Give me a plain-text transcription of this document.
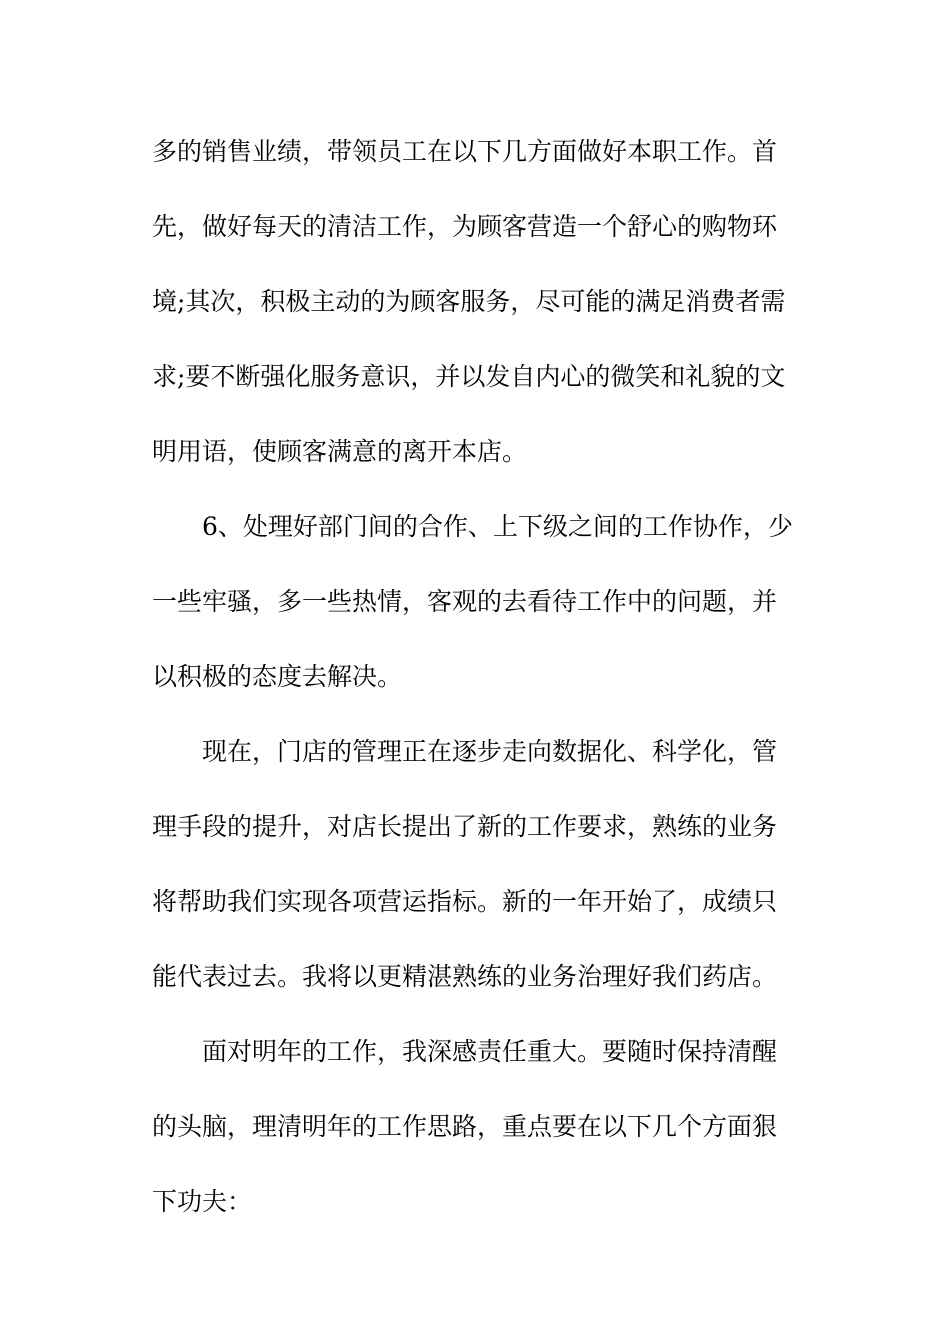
多的销售业绩，带领员工在以下几方面做好本职工作。首

先，做好每天的清洁工作，为顾客营造一个舒心的购物环

境;其次，积极主动的为顾客服务，尽可能的满足消费者需

求;要不断强化服务意识，并以发自内心的微笑和礼貌的文

明用语，使顾客满意的离开本店。

6、处理好部门间的合作、上下级之间的工作协作，少

一些牢骚，多一些热情，客观的去看待工作中的问题，并

以积极的态度去解决。

现在，门店的管理正在逐步走向数据化、科学化，管

理手段的提升，对店长提出了新的工作要求，熟练的业务

将帮助我们实现各项营运指标。新的一年开始了，成绩只

能代表过去。我将以更精湛熟练的业务治理好我们药店。

面对明年的工作，我深感责任重大。要随时保持清醒

的头脑，理清明年的工作思路，重点要在以下几个方面狠

下功夫：
